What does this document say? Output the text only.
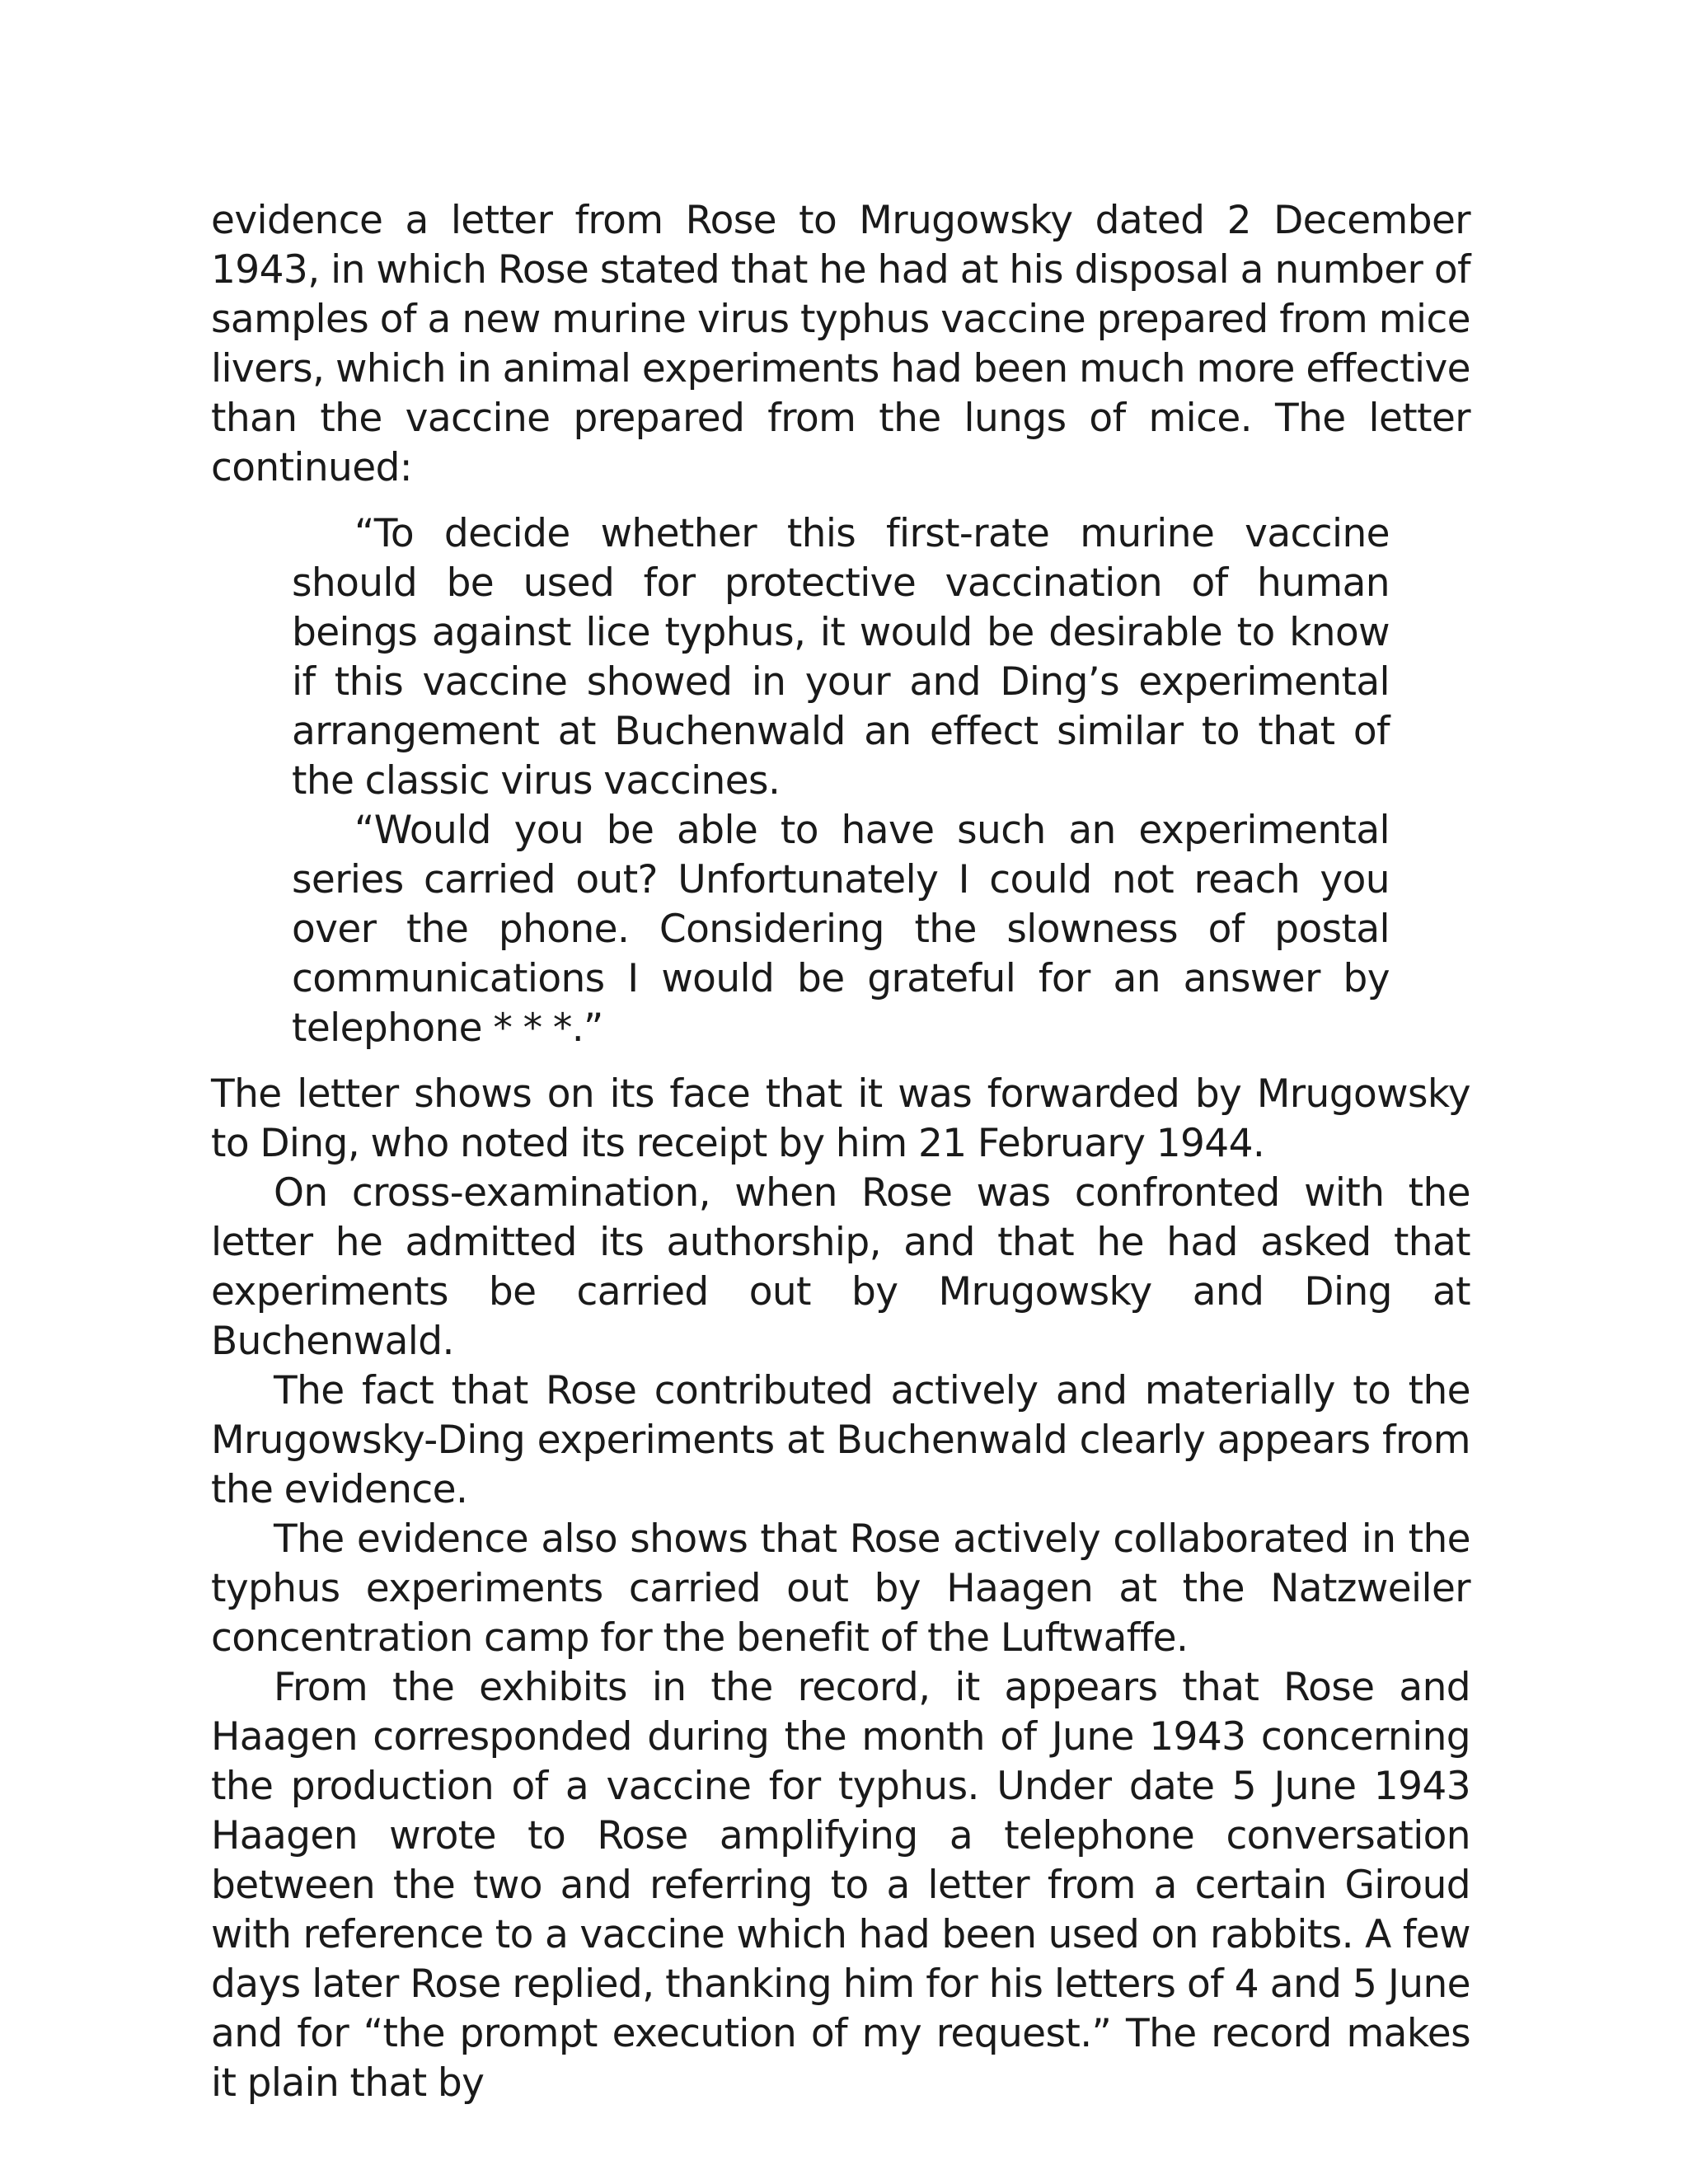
evidence a letter from Rose to Mrugowsky dated 2 December 1943, in which Rose stated that he had at his disposal a number of samples of a new murine virus typhus vaccine prepared from mice livers, which in animal experiments had been much more effective than the vaccine prepared from the lungs of mice. The letter continued:

“To decide whether this first-rate murine vaccine should be used for protective vaccination of human beings against lice typhus, it would be desirable to know if this vaccine showed in your and Ding’s experimental arrangement at Buchenwald an effect similar to that of the classic virus vaccines.

“Would you be able to have such an experimental series carried out? Unfortunately I could not reach you over the phone. Considering the slowness of postal communications I would be grateful for an answer by telephone * * *.”

The letter shows on its face that it was forwarded by Mrugowsky to Ding, who noted its receipt by him 21 February 1944.

On cross-examination, when Rose was confronted with the letter he admitted its authorship, and that he had asked that experiments be carried out by Mrugowsky and Ding at Buchenwald.

The fact that Rose contributed actively and materially to the Mrugowsky-Ding experiments at Buchenwald clearly appears from the evidence.

The evidence also shows that Rose actively collaborated in the typhus experiments carried out by Haagen at the Natzweiler concentration camp for the benefit of the Luftwaffe.

From the exhibits in the record, it appears that Rose and Haagen corresponded during the month of June 1943 concerning the production of a vaccine for typhus. Under date 5 June 1943 Haagen wrote to Rose amplifying a telephone conversation between the two and referring to a letter from a certain Giroud with reference to a vaccine which had been used on rabbits. A few days later Rose replied, thanking him for his letters of 4 and 5 June and for “the prompt execution of my request.” The record makes it plain that by
